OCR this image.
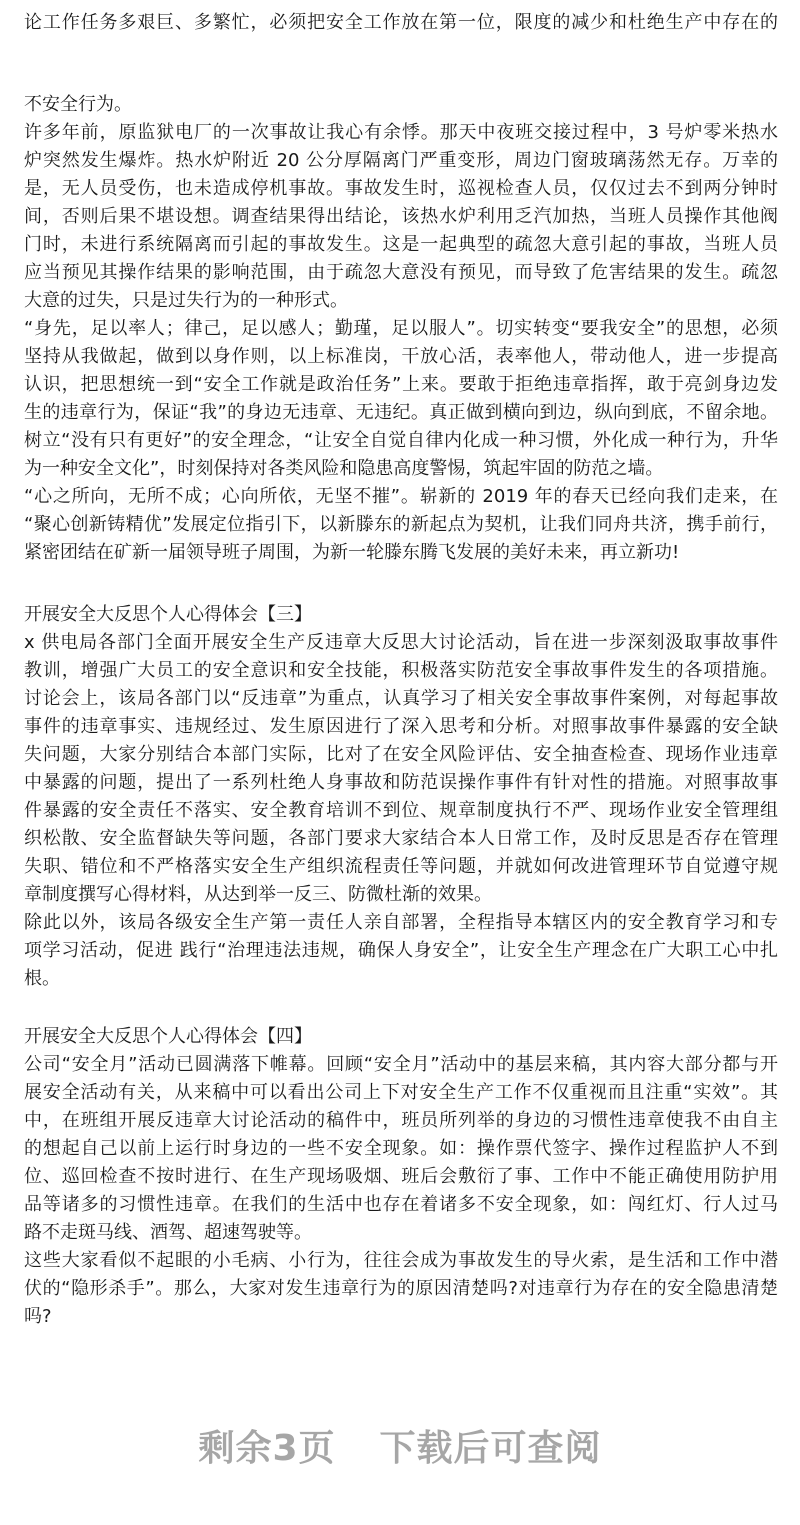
论工作任务多艰巨、多繁忙，必须把安全工作放在第一位，限度的减少和杜绝生产中存在的
不安全行为。
许多年前，原监狱电厂的一次事故让我心有余悸。那天中夜班交接过程中，3 号炉零米热水
炉突然发生爆炸。热水炉附近 20 公分厚隔离门严重变形，周边门窗玻璃荡然无存。万幸的
是，无人员受伤，也未造成停机事故。事故发生时，巡视检查人员，仅仅过去不到两分钟时
间，否则后果不堪设想。调查结果得出结论，该热水炉利用乏汽加热，当班人员操作其他阀
门时，未进行系统隔离而引起的事故发生。这是一起典型的疏忽大意引起的事故，当班人员
应当预见其操作结果的影响范围，由于疏忽大意没有预见，而导致了危害结果的发生。疏忽
大意的过失，只是过失行为的一种形式。
“身先，足以率人；律己，足以感人；勤瑾，足以服人”。切实转变“要我安全”的思想，必须
坚持从我做起，做到以身作则，以上标准岗，干放心活，表率他人，带动他人，进一步提高
认识，把思想统一到“安全工作就是政治任务”上来。要敢于拒绝违章指挥，敢于亮剑身边发
生的违章行为，保证“我”的身边无违章、无违纪。真正做到横向到边，纵向到底，不留余地。
树立“没有只有更好”的安全理念，“让安全自觉自律内化成一种习惯，外化成一种行为，升华
为一种安全文化”，时刻保持对各类风险和隐患高度警惕，筑起牢固的防范之墙。
“心之所向，无所不成；心向所依，无坚不摧”。崭新的 2019 年的春天已经向我们走来，在
“聚心创新铸精优”发展定位指引下，以新滕东的新起点为契机，让我们同舟共济，携手前行，
紧密团结在矿新一届领导班子周围，为新一轮滕东腾飞发展的美好未来，再立新功!
开展安全大反思个人心得体会【三】
x 供电局各部门全面开展安全生产反违章大反思大讨论活动，旨在进一步深刻汲取事故事件
教训，增强广大员工的安全意识和安全技能，积极落实防范安全事故事件发生的各项措施。
讨论会上，该局各部门以“反违章”为重点，认真学习了相关安全事故事件案例，对每起事故
事件的违章事实、违规经过、发生原因进行了深入思考和分析。对照事故事件暴露的安全缺
失问题，大家分别结合本部门实际，比对了在安全风险评估、安全抽查检查、现场作业违章
中暴露的问题，提出了一系列杜绝人身事故和防范误操作事件有针对性的措施。对照事故事
件暴露的安全责任不落实、安全教育培训不到位、规章制度执行不严、现场作业安全管理组
织松散、安全监督缺失等问题，各部门要求大家结合本人日常工作，及时反思是否存在管理
失职、错位和不严格落实安全生产组织流程责任等问题，并就如何改进管理环节自觉遵守规
章制度撰写心得材料，从达到举一反三、防微杜渐的效果。
除此以外，该局各级安全生产第一责任人亲自部署，全程指导本辖区内的安全教育学习和专
项学习活动，促进 践行“治理违法违规，确保人身安全”，让安全生产理念在广大职工心中扎
根。
开展安全大反思个人心得体会【四】
公司“安全月”活动已圆满落下帷幕。回顾“安全月”活动中的基层来稿，其内容大部分都与开
展安全活动有关，从来稿中可以看出公司上下对安全生产工作不仅重视而且注重“实效”。其
中，在班组开展反违章大讨论活动的稿件中，班员所列举的身边的习惯性违章使我不由自主
的想起自己以前上运行时身边的一些不安全现象。如：操作票代签字、操作过程监护人不到
位、巡回检查不按时进行、在生产现场吸烟、班后会敷衍了事、工作中不能正确使用防护用
品等诸多的习惯性违章。在我们的生活中也存在着诸多不安全现象，如：闯红灯、行人过马
路不走斑马线、酒驾、超速驾驶等。
这些大家看似不起眼的小毛病、小行为，往往会成为事故发生的导火索，是生活和工作中潜
伏的“隐形杀手”。那么，大家对发生违章行为的原因清楚吗?对违章行为存在的安全隐患清楚
吗?
剩余3页 下载后可查阅
